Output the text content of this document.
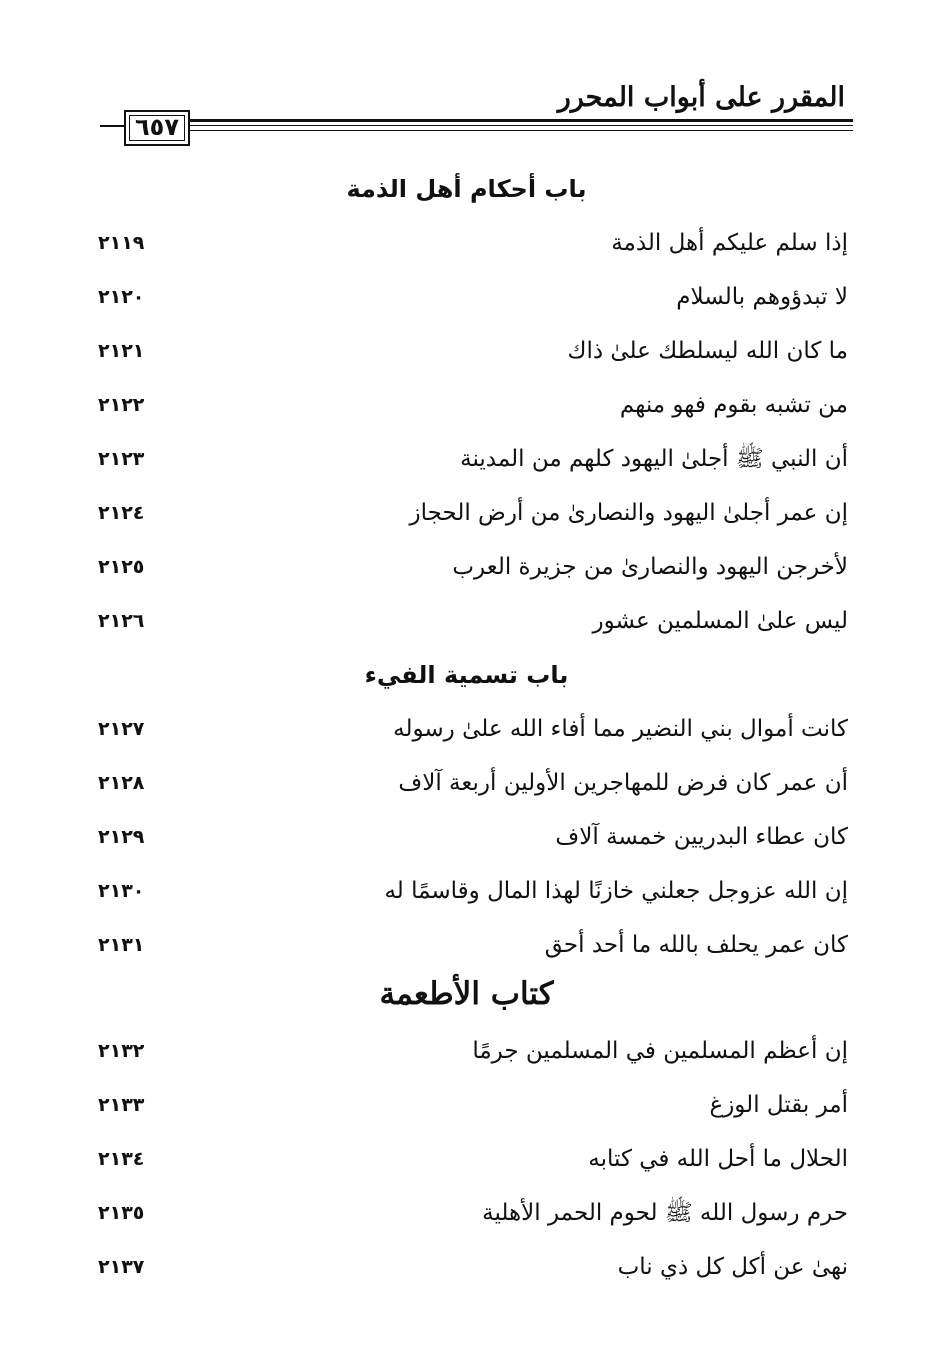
المقرر على أبواب المحرر
٦٥٧
باب أحكام أهل الذمة
إذا سلم عليكم أهل الذمة
٢١١٩
لا تبدؤوهم بالسلام
٢١٢٠
ما كان الله ليسلطك علىٰ ذاك
٢١٢١
من تشبه بقوم فهو منهم
٢١٢٢
أن النبي ﷺ أجلىٰ اليهود كلهم من المدينة
٢١٢٣
إن عمر أجلىٰ اليهود والنصارىٰ من أرض الحجاز
٢١٢٤
لأخرجن اليهود والنصارىٰ من جزيرة العرب
٢١٢٥
ليس علىٰ المسلمين عشور
٢١٢٦
باب تسمية الفيء
كانت أموال بني النضير مما أفاء الله علىٰ رسوله
٢١٢٧
أن عمر كان فرض للمهاجرين الأولين أربعة آلاف
٢١٢٨
كان عطاء البدريين خمسة آلاف
٢١٢٩
إن الله عزوجل جعلني خازنًا لهذا المال وقاسمًا له
٢١٣٠
كان عمر يحلف بالله ما أحد أحق
٢١٣١
كتاب الأطعمة
إن أعظم المسلمين في المسلمين جرمًا
٢١٣٢
أمر بقتل الوزغ
٢١٣٣
الحلال ما أحل الله في كتابه
٢١٣٤
حرم رسول الله ﷺ لحوم الحمر الأهلية
٢١٣٥
نهىٰ عن أكل كل ذي ناب
٢١٣٧
